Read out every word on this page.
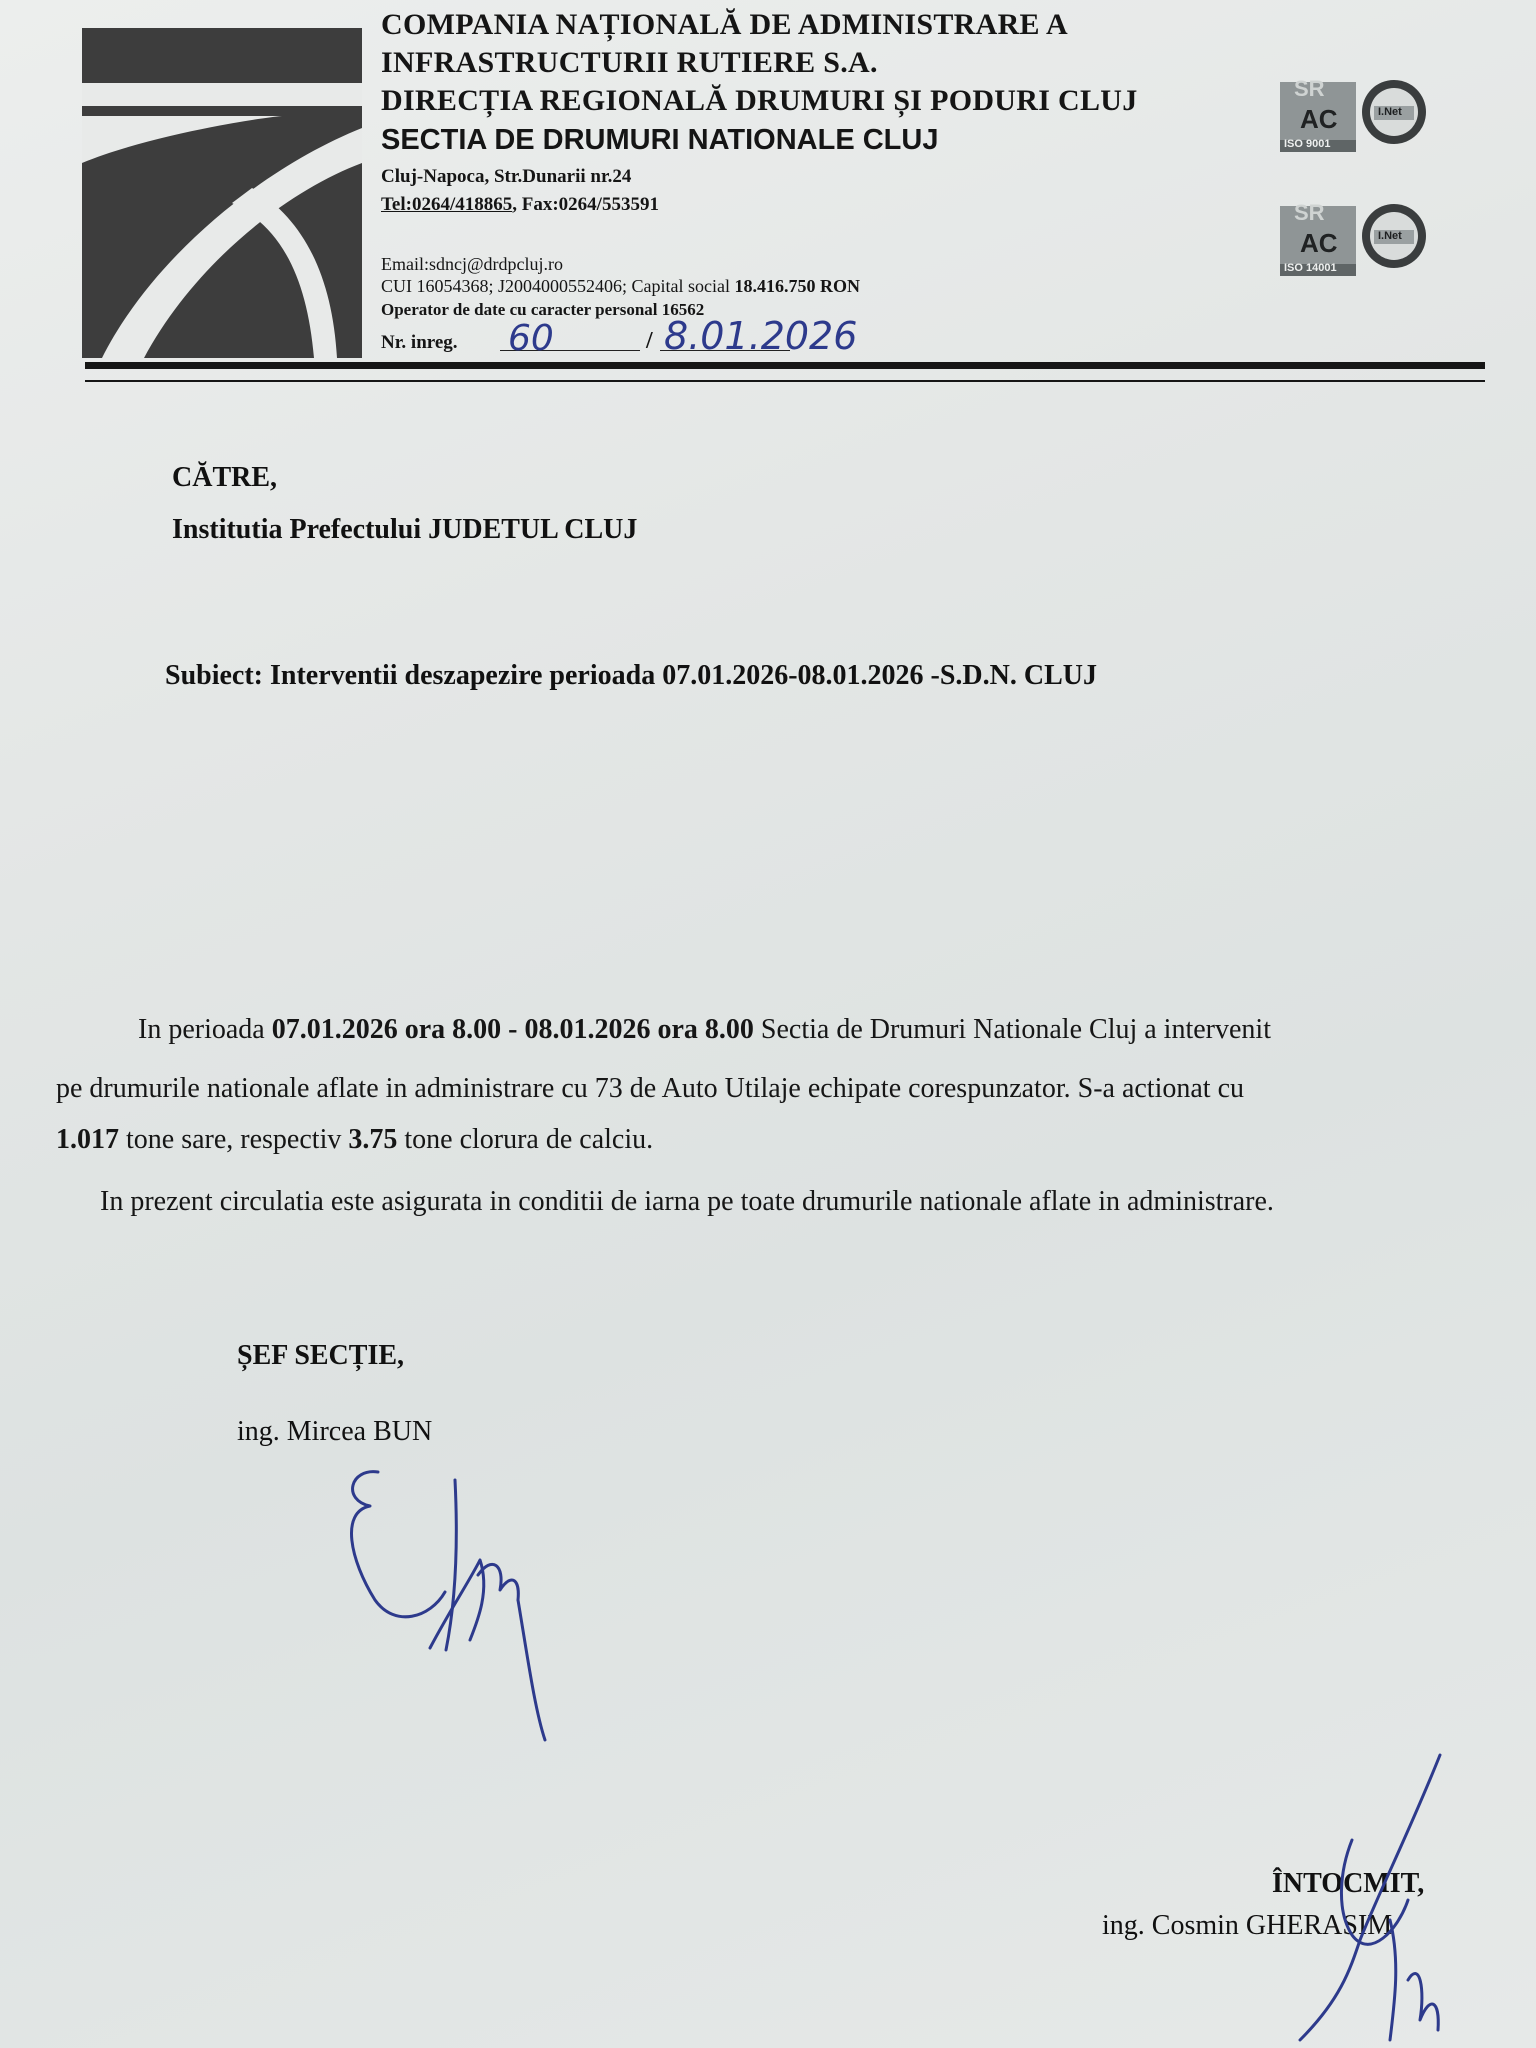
COMPANIA NAȚIONALĂ DE ADMINISTRARE A
INFRASTRUCTURII RUTIERE S.A.
DIRECȚIA REGIONALĂ DRUMURI ȘI PODURI CLUJ
SECTIA DE DRUMURI NATIONALE CLUJ
Cluj-Napoca, Str.Dunarii nr.24
Tel:0264/418865, Fax:0264/553591
Email:sdncj@drdpcluj.ro
CUI 16054368; J2004000552406; Capital social 18.416.750 RON
Operator de date cu caracter personal 16562
Nr. inreg. 60	/ 8.01.2026
SR
AC
ISO 9001
I.Net
SR
AC
ISO 14001
I.Net
CĂTRE,
Institutia Prefectului JUDETUL CLUJ
Subiect: Interventii deszapezire perioada 07.01.2026-08.01.2026 -S.D.N. CLUJ
In perioada 07.01.2026 ora 8.00 - 08.01.2026 ora 8.00 Sectia de Drumuri Nationale Cluj a intervenit
pe drumurile nationale aflate in administrare cu 73 de Auto Utilaje echipate corespunzator. S-a actionat cu
1.017 tone sare, respectiv 3.75 tone clorura de calciu.
In prezent circulatia este asigurata in conditii de iarna pe toate drumurile nationale aflate in administrare.
ȘEF SECȚIE,
ing. Mircea BUN
ÎNTOCMIT,
ing. Cosmin GHERASIM
